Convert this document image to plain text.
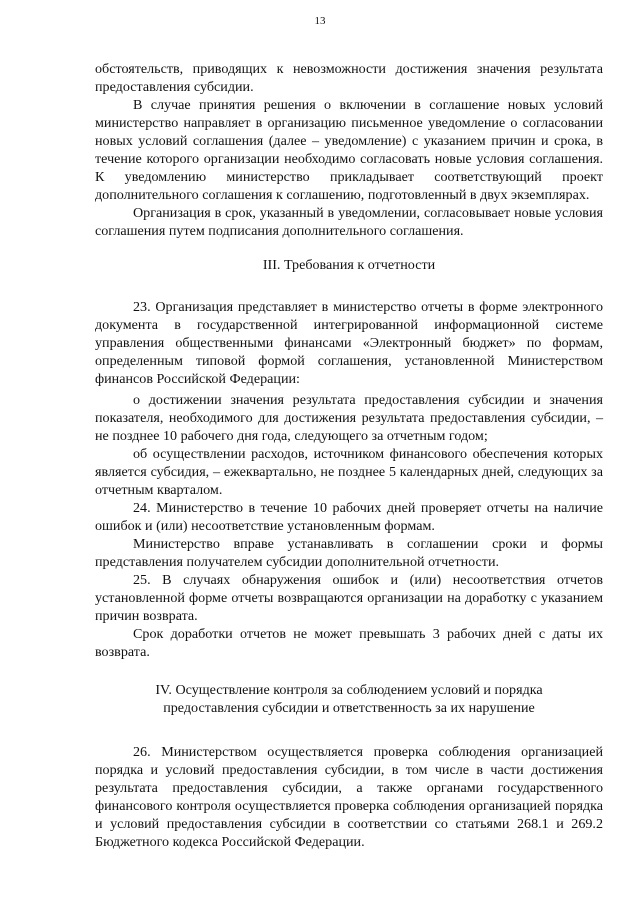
13

обстоятельств, приводящих к невозможности достижения значения результата предоставления субсидии.

В случае принятия решения о включении в соглашение новых условий министерство направляет в организацию письменное уведомление о согласовании новых условий соглашения (далее – уведомление) с указанием причин и срока, в течение которого организации необходимо согласовать новые условия соглашения. К уведомлению министерство прикладывает соответствующий проект дополнительного соглашения к соглашению, подготовленный в двух экземплярах.

Организация в срок, указанный в уведомлении, согласовывает новые условия соглашения путем подписания дополнительного соглашения.

III. Требования к отчетности

23. Организация представляет в министерство отчеты в форме электронного документа в государственной интегрированной информационной системе управления общественными финансами «Электронный бюджет» по формам, определенным типовой формой соглашения, установленной Министерством финансов Российской Федерации:

о достижении значения результата предоставления субсидии и значения показателя, необходимого для достижения результата предоставления субсидии, – не позднее 10 рабочего дня года, следующего за отчетным годом;

об осуществлении расходов, источником финансового обеспечения которых является субсидия, – ежеквартально, не позднее 5 календарных дней, следующих за отчетным кварталом.

24. Министерство в течение 10 рабочих дней проверяет отчеты на наличие ошибок и (или) несоответствие установленным формам.

Министерство вправе устанавливать в соглашении сроки и формы представления получателем субсидии дополнительной отчетности.

25. В случаях обнаружения ошибок и (или) несоответствия отчетов установленной форме отчеты возвращаются организации на доработку с указанием причин возврата.

Срок доработки отчетов не может превышать 3 рабочих дней с даты их возврата.

IV. Осуществление контроля за соблюдением условий и порядка

предоставления субсидии и ответственность за их нарушение

26. Министерством осуществляется проверка соблюдения организацией порядка и условий предоставления субсидии, в том числе в части достижения результата предоставления субсидии, а также органами государственного финансового контроля осуществляется проверка соблюдения организацией порядка и условий предоставления субсидии в соответствии со статьями 268.1 и 269.2 Бюджетного кодекса Российской Федерации.
